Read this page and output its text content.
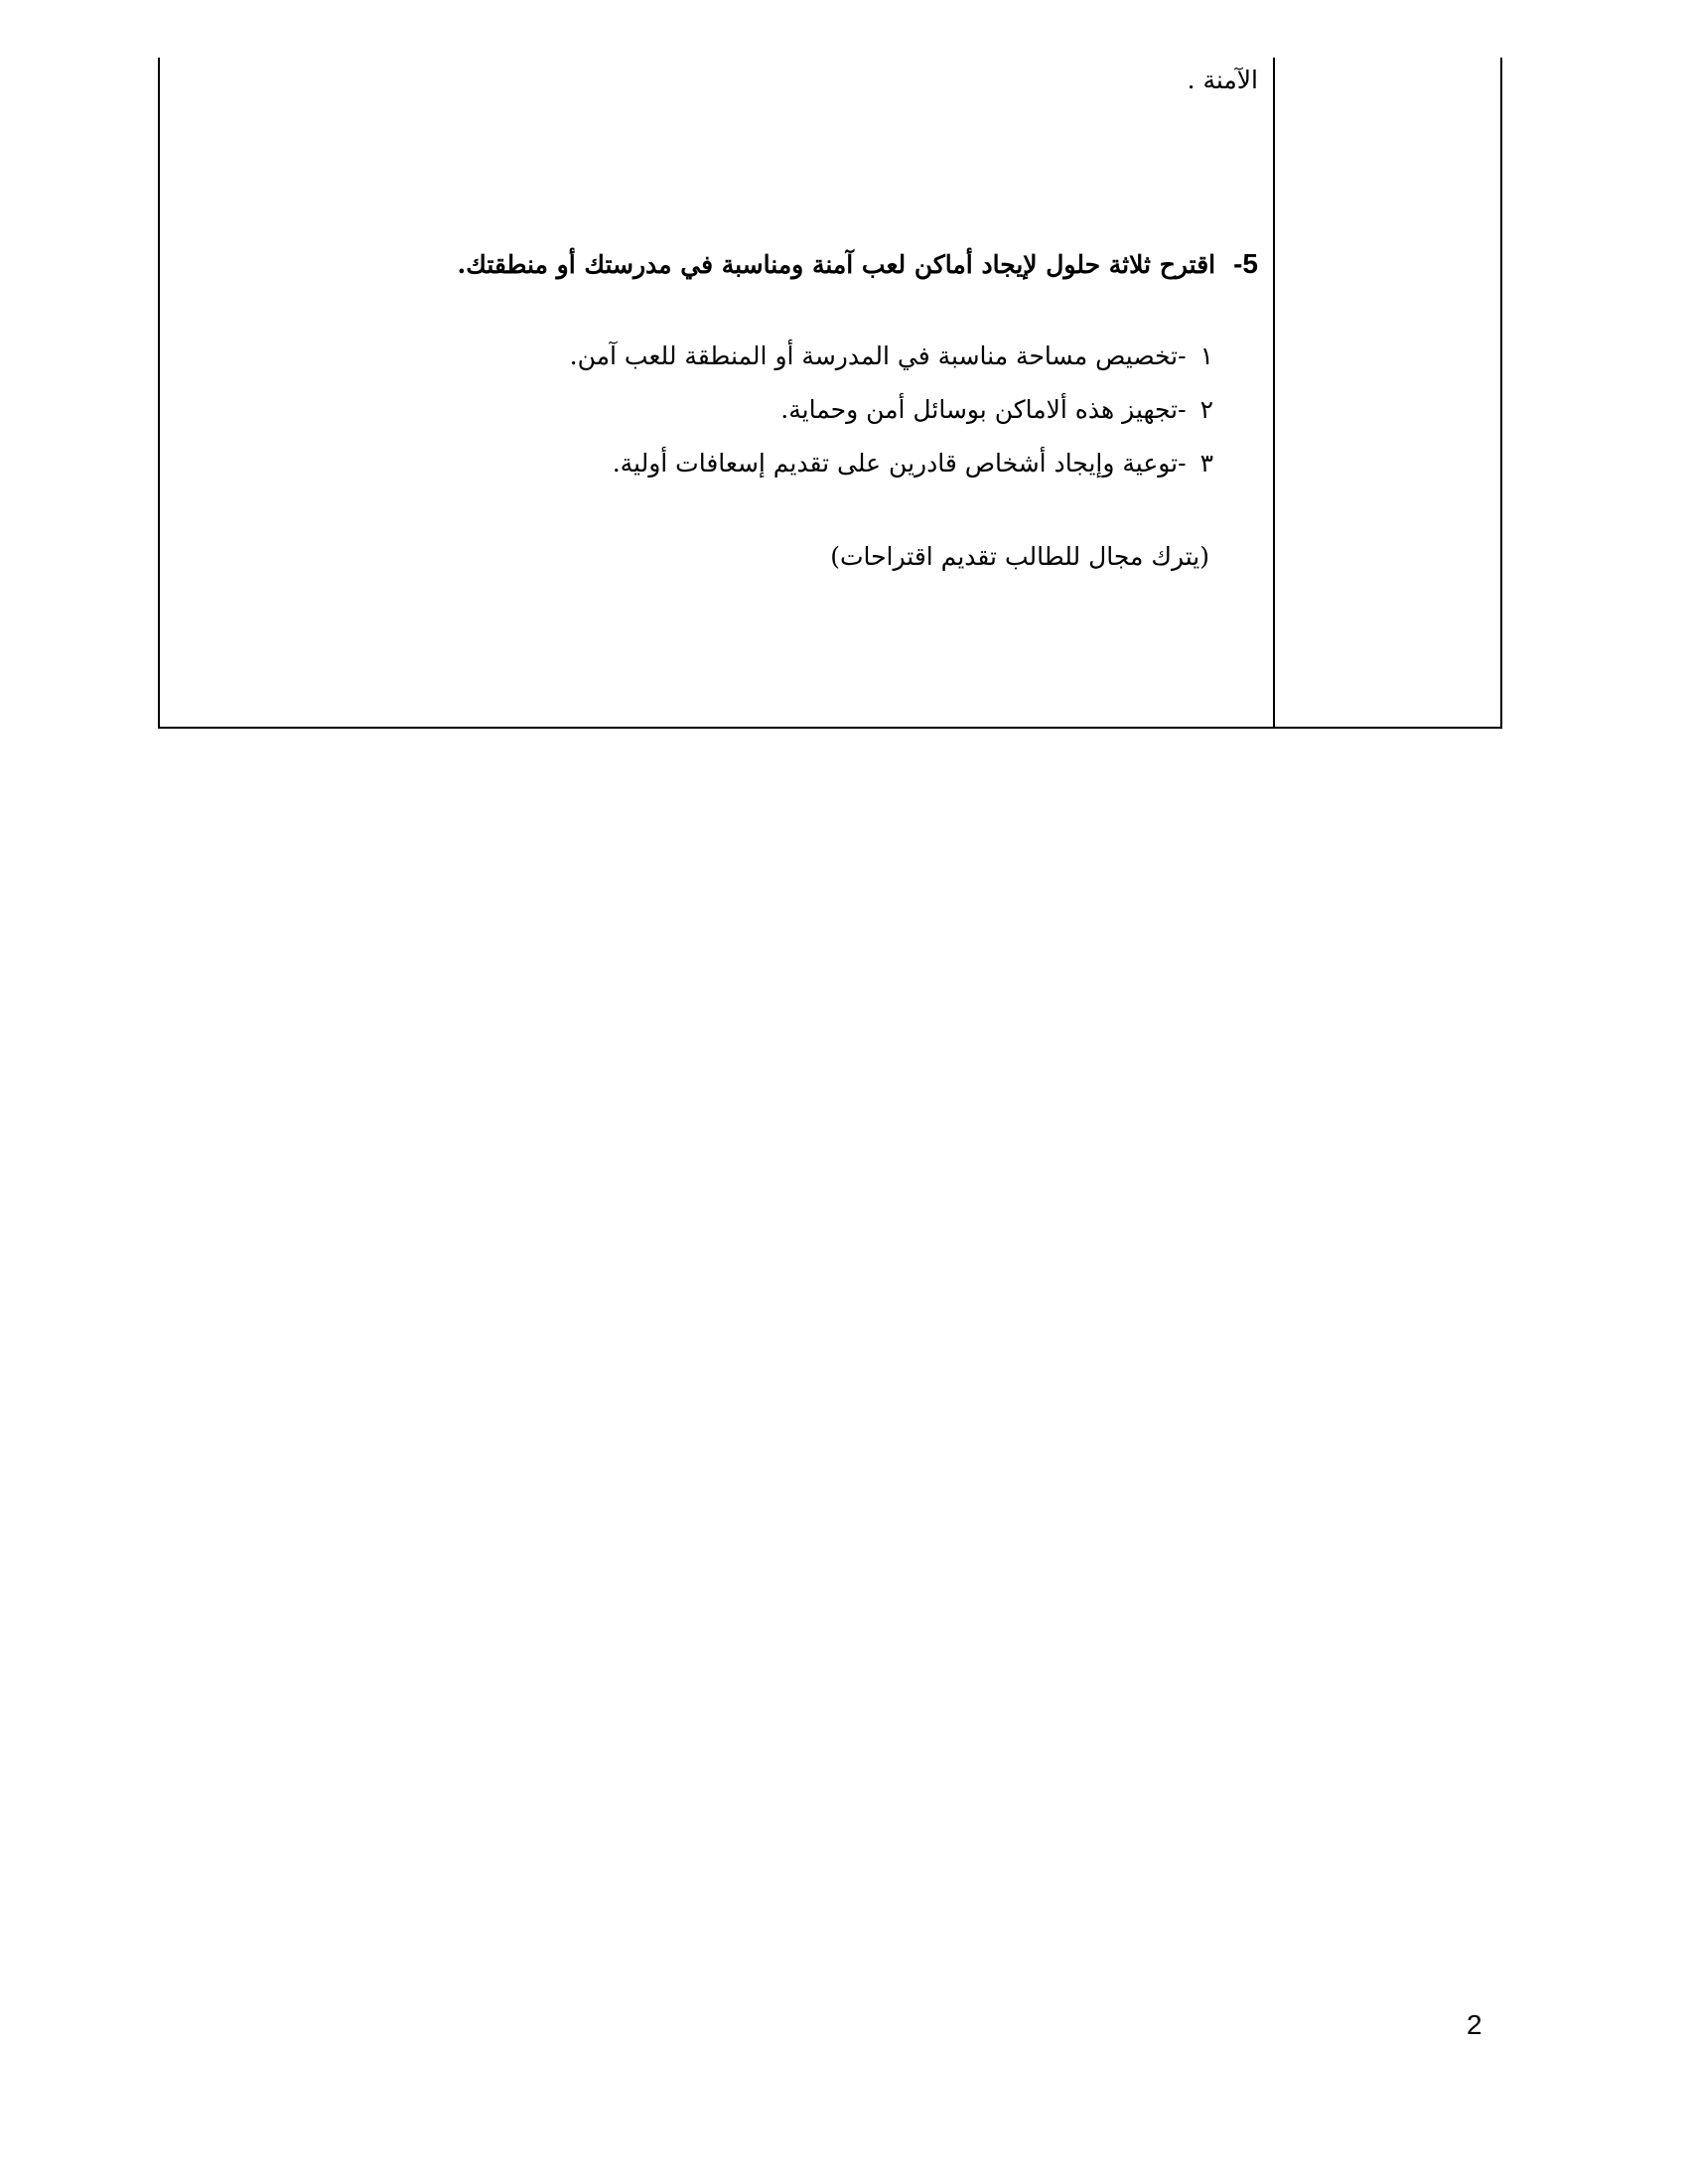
الآمنة .
5-اقترح ثلاثة حلول لإيجاد أماكن لعب آمنة ومناسبة في مدرستك أو منطقتك.
١-تخصيص مساحة مناسبة في المدرسة أو المنطقة للعب آمن.
٢-تجهيز هذه ألاماكن بوسائل أمن وحماية.
٣-توعية وإيجاد أشخاص قادرين على تقديم إسعافات أولية.
(يترك مجال للطالب تقديم اقتراحات)
2
